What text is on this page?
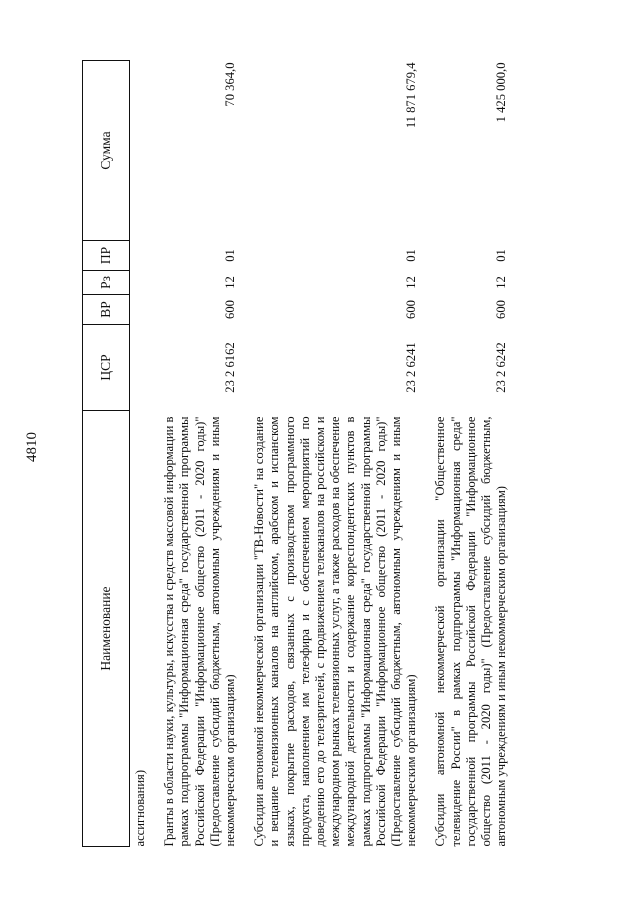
4810
Наименование	ЦСР	ВР	Рз	ПР	Сумма
ассигнования)					
Гранты в области науки, культуры, искусства и средств массовой информации в рамках подпрограммы "Информационная среда" государственной программы Российской Федерации "Информационное общество (2011 - 2020 годы)" (Предоставление субсидий бюджетным, автономным учреждениям и иным некоммерческим организациям)	23 2 6162	600	12	01	70 364,0
Субсидии автономной некоммерческой организации "ТВ-Новости" на создание и вещание телевизионных каналов на английском, арабском и испанском языках, покрытие расходов, связанных с производством программного продукта, наполнением им телеэфира и с обеспечением мероприятий по доведению его до телезрителей, с продвижением телеканалов на российском и международном рынках телевизионных услуг, а также расходов на обеспечение международной деятельности и содержание корреспондентских пунктов в рамках подпрограммы "Информационная среда" государственной программы Российской Федерации "Информационное общество (2011 - 2020 годы)" (Предоставление субсидий бюджетным, автономным учреждениям и иным некоммерческим организациям)	23 2 6241	600	12	01	11 871 679,4
Субсидии автономной некоммерческой организации "Общественное телевидение России" в рамках подпрограммы "Информационная среда" государственной программы Российской Федерации "Информационное общество (2011 - 2020 годы)" (Предоставление субсидий бюджетным, автономным учреждениям и иным некоммерческим организациям)	23 2 6242	600	12	01	1 425 000,0
